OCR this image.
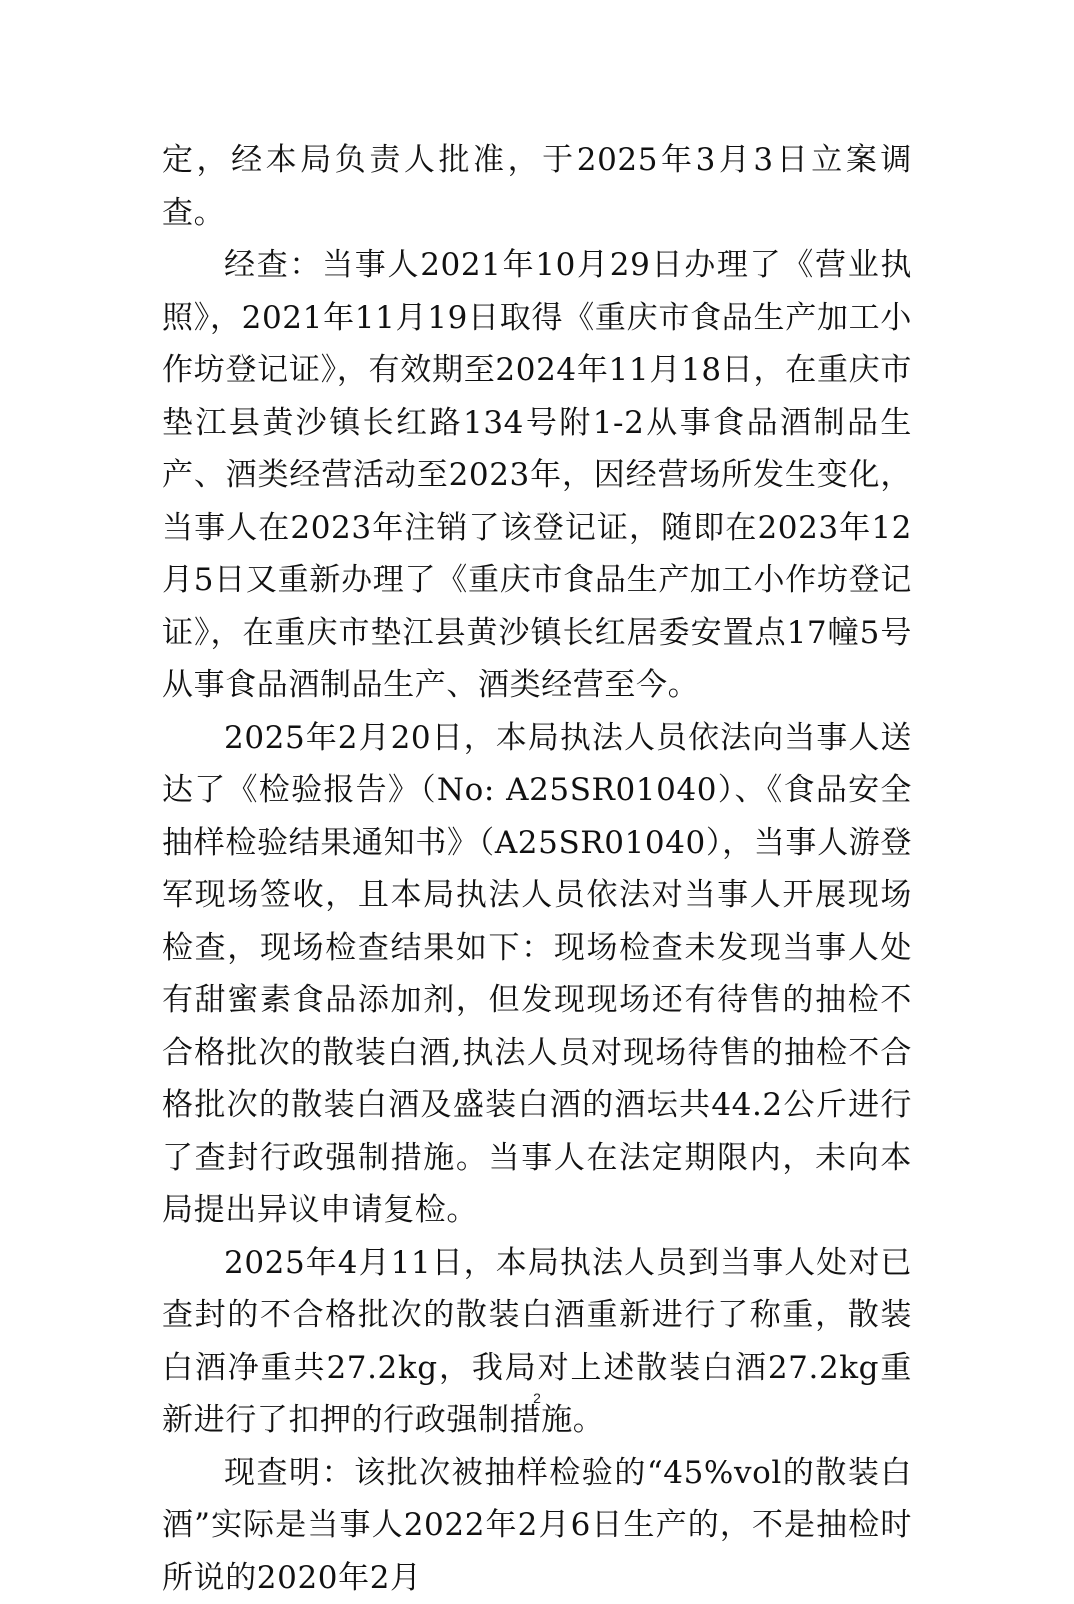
定，经本局负责人批准，于2025年3月3日立案调查。

经查：当事人2021年10月29日办理了《营业执照》，2021年11月19日取得《重庆市食品生产加工小作坊登记证》，有效期至2024年11月18日，在重庆市垫江县黄沙镇长红路134号附1-2从事食品酒制品生产、酒类经营活动至2023年，因经营场所发生变化，当事人在2023年注销了该登记证，随即在2023年12月5日又重新办理了《重庆市食品生产加工小作坊登记证》，在重庆市垫江县黄沙镇长红居委安置点17幢5号从事食品酒制品生产、酒类经营至今。

2025年2月20日，本局执法人员依法向当事人送达了《检验报告》（No: A25SR01040）、《食品安全抽样检验结果通知书》（A25SR01040），当事人游登军现场签收，且本局执法人员依法对当事人开展现场检查，现场检查结果如下：现场检查未发现当事人处有甜蜜素食品添加剂，但发现现场还有待售的抽检不合格批次的散装白酒,执法人员对现场待售的抽检不合格批次的散装白酒及盛装白酒的酒坛共44.2公斤进行了查封行政强制措施。当事人在法定期限内，未向本局提出异议申请复检。

2025年4月11日，本局执法人员到当事人处对已查封的不合格批次的散装白酒重新进行了称重，散装白酒净重共27.2kg，我局对上述散装白酒27.2kg重新进行了扣押的行政强制措施。

现查明：该批次被抽样检验的“45%vol的散装白酒”实际是当事人2022年2月6日生产的，不是抽检时所说的2020年2月

2
